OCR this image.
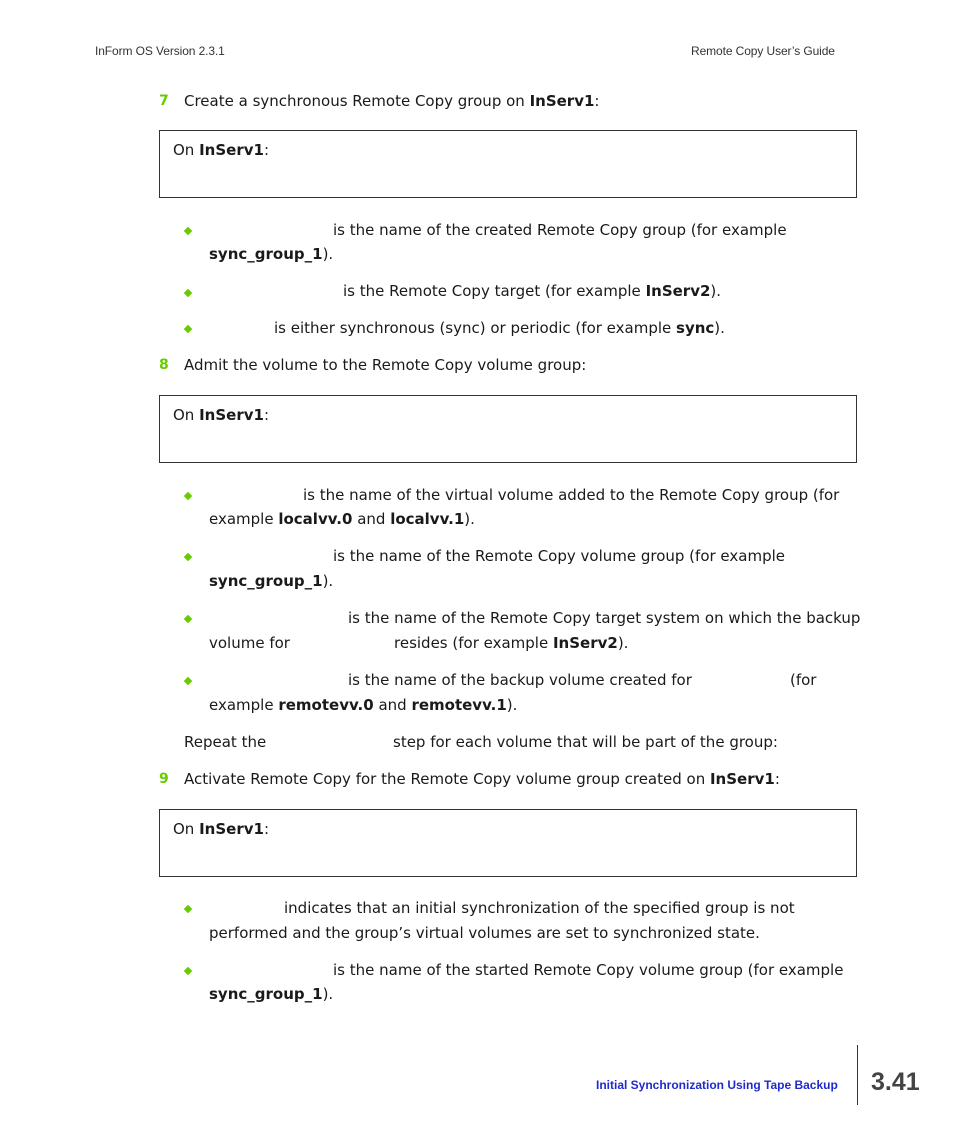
InForm OS Version 2.3.1	Remote Copy User’s Guide
7 Create a synchronous Remote Copy group on InServ1:
On InServ1:
is the name of the created Remote Copy group (for example
sync_group_1).
is the Remote Copy target (for example InServ2).
is either synchronous (sync) or periodic (for example sync).
8 Admit the volume to the Remote Copy volume group:
On InServ1:
is the name of the virtual volume added to the Remote Copy group (for
example localvv.0 and localvv.1).
is the name of the Remote Copy volume group (for example
sync_group_1).
is the name of the Remote Copy target system on which the backup
volume for	resides (for example InServ2).
is the name of the backup volume created for	(for
example remotevv.0 and remotevv.1).
Repeat the	step for each volume that will be part of the group:
9 Activate Remote Copy for the Remote Copy volume group created on InServ1:
On InServ1:
indicates that an initial synchronization of the specified group is not
performed and the group’s virtual volumes are set to synchronized state.
is the name of the started Remote Copy volume group (for example
sync_group_1).
Initial Synchronization Using Tape Backup 3.41
